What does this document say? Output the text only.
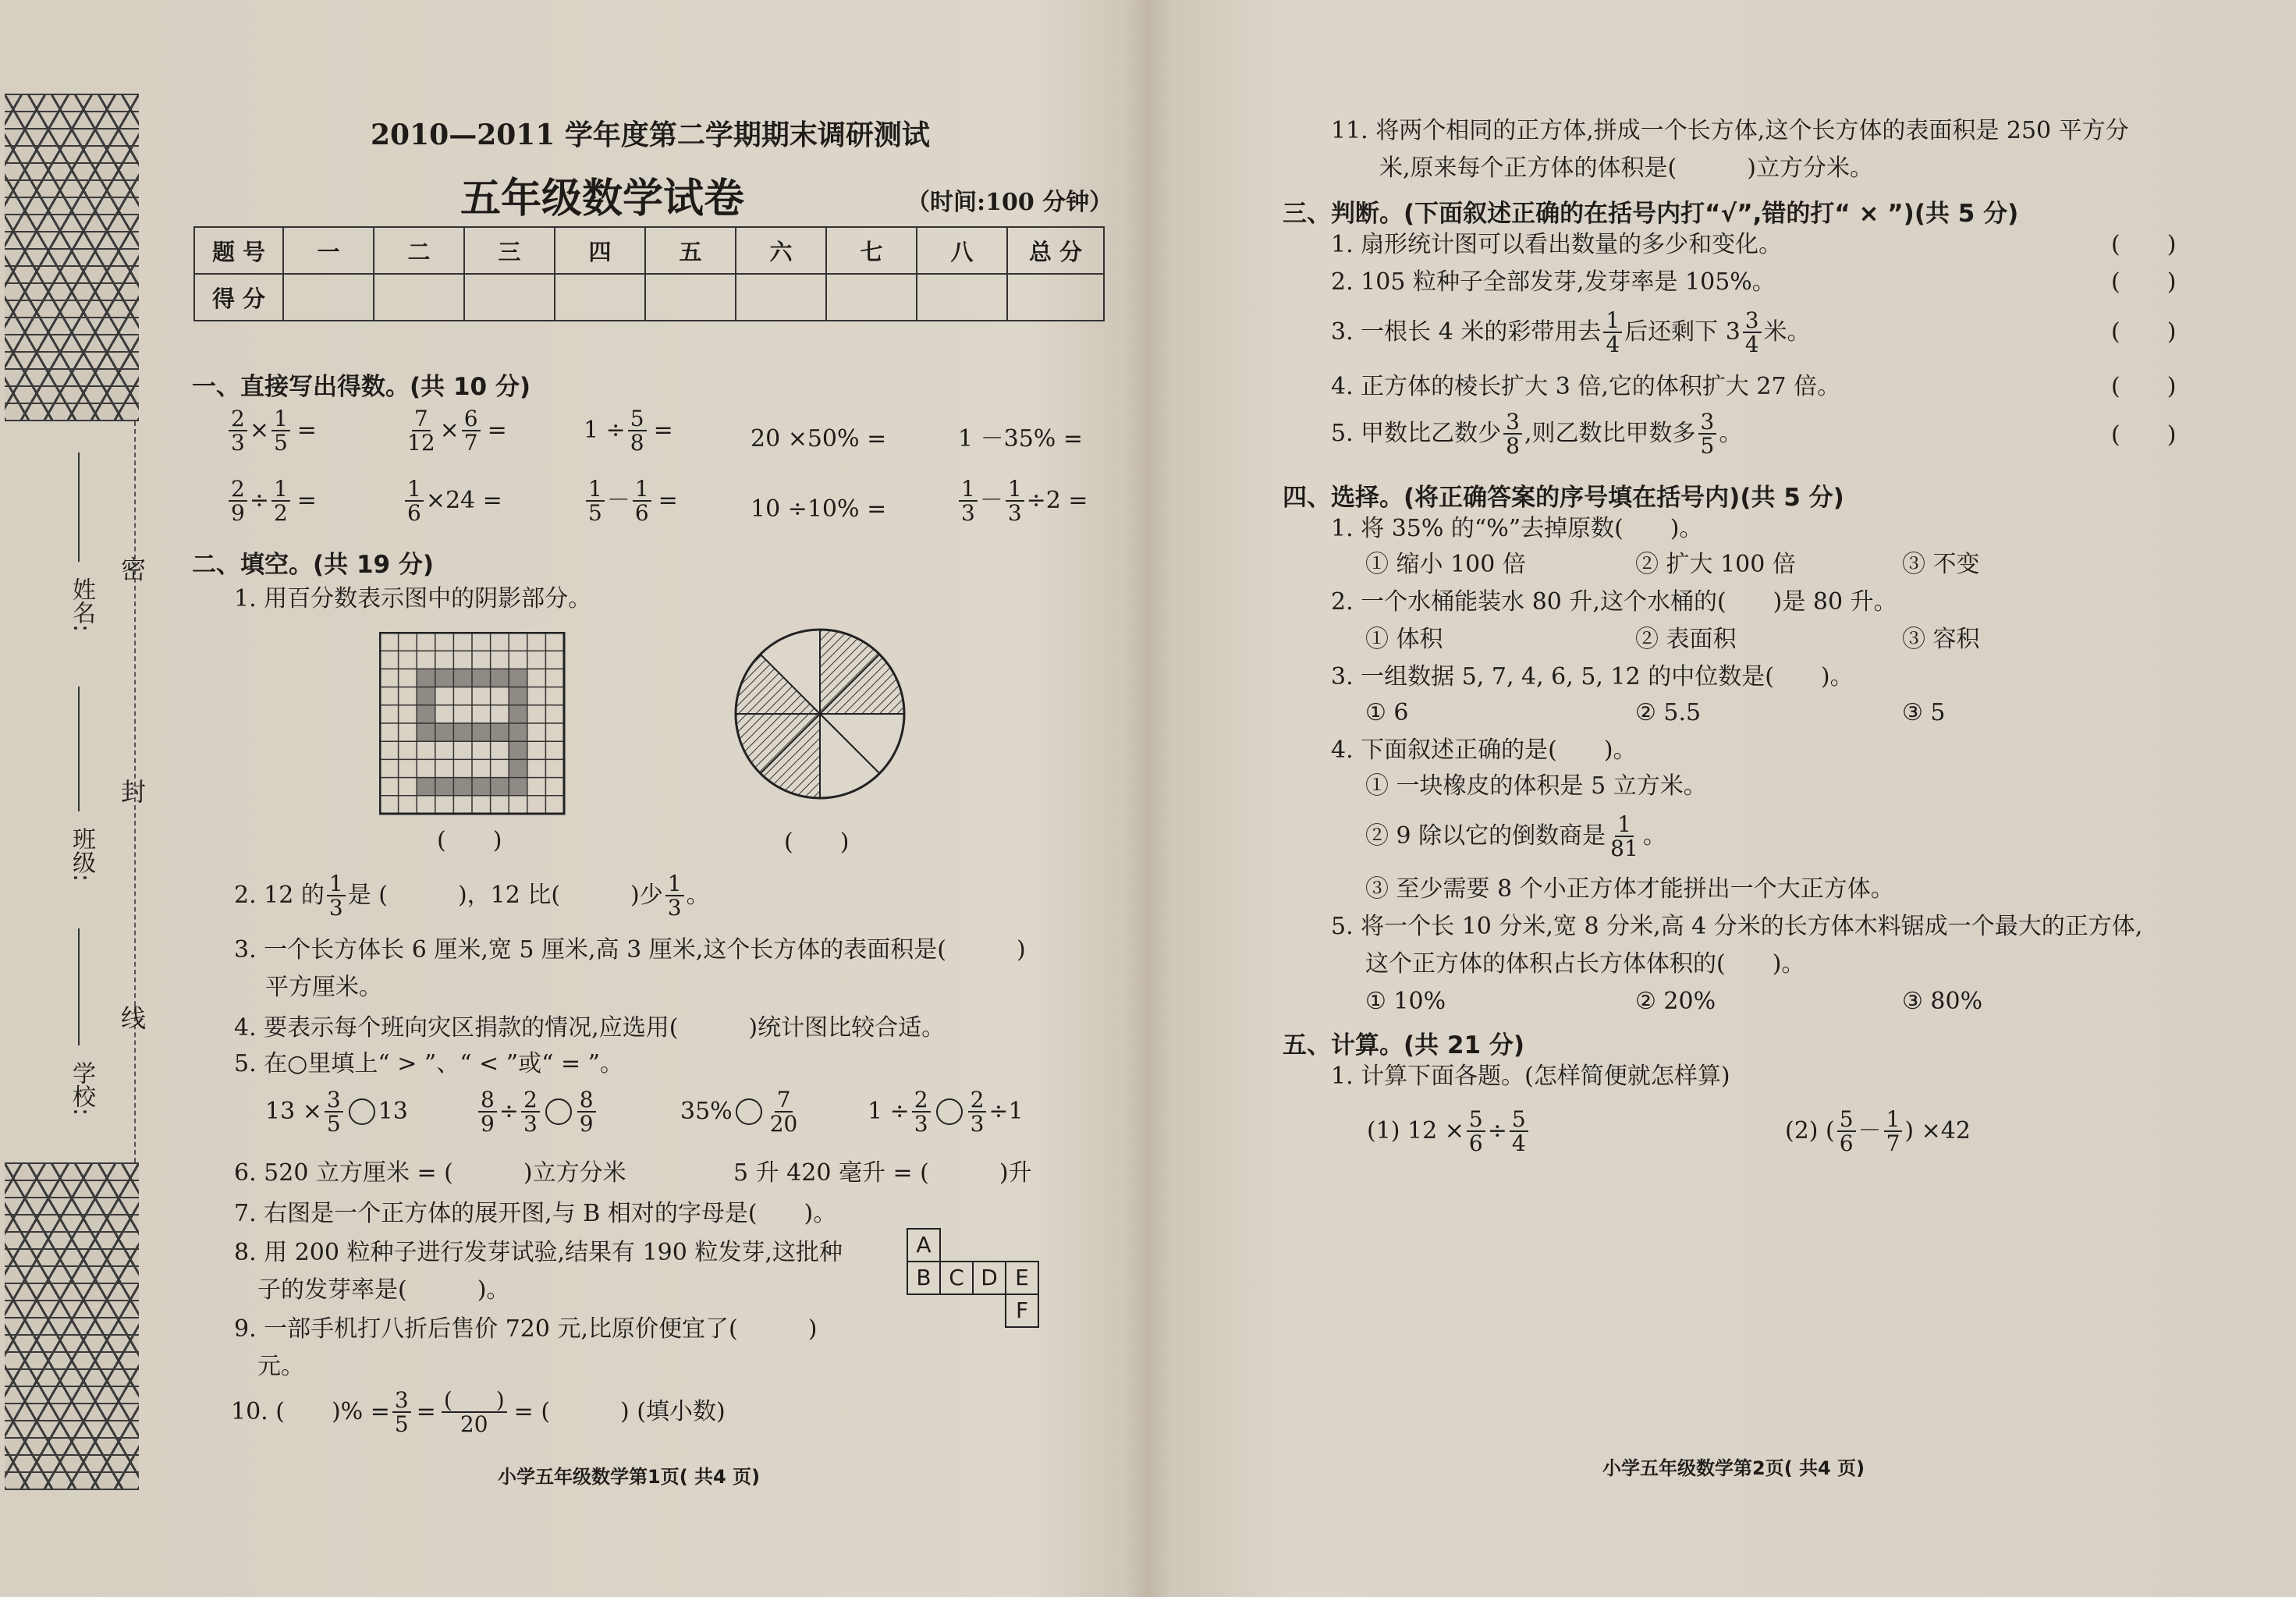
姓名:
班级:
学校:
密
封
线
2010—2011 学年度第二学期期末调研测试
五年级数学试卷	（时间:100 分钟）
题 号	一	二	三	四	五	六	七	八	总 分
得 分									
一、直接写出得数。(共 10 分)
$\frac{2}{3} \times \frac{1}{5}$ =	$\frac{7}{12} \times \frac{6}{7}$ =	$1 \div \frac{5}{8}$ =	20 ×50% =	1 －35% =
$\frac{2}{9} \div \frac{1}{2}$ =	$\frac{1}{6} \times 24$ =	$\frac{1}{5} - \frac{1}{6}$ =	10 ÷10% =	$\frac{1}{3} - \frac{1}{3} \div 2$ =
二、填空。(共 19 分)
1. 用百分数表示图中的阴影部分。
(　　)	(　　)
2. 12 的 $\frac{1}{3}$ 是 (　　　)，12 比(　　　)少 $\frac{1}{3}$ 。
3. 一个长方体长 6 厘米,宽 5 厘米,高 3 厘米,这个长方体的表面积是(　　　)
平方厘米。
4. 要表示每个班向灾区捐款的情况,应选用(　　　)统计图比较合适。
5. 在○里填上“ > ”、“ < ”或“ = ”。
$13 \times \frac{3}{5} 13$	$\frac{8}{9} \div \frac{2}{3} \frac{8}{9}$	$35\% \frac{7}{20}$	$1 \div \frac{2}{3} \frac{2}{3} \div 1$
6. 520 立方厘米 = (　　　)立方分米	5 升 420 毫升 = (　　　)升
7. 右图是一个正方体的展开图,与 B 相对的字母是(　　)。
8. 用 200 粒种子进行发芽试验,结果有 190 粒发芽,这批种
子的发芽率是(　　　)。
9. 一部手机打八折后售价 720 元,比原价便宜了(　　　)
元。
10. (　　)% = $\frac{3}{5} = \frac{( )}{20}$ = (　　　) (填小数)
A
B C D E
F
小学五年级数学第1页( 共4 页)
11. 将两个相同的正方体,拼成一个长方体,这个长方体的表面积是 250 平方分
米,原来每个正方体的体积是(　　　)立方分米。
三、判断。(下面叙述正确的在括号内打“√”,错的打“ × ”)(共 5 分)
1. 扇形统计图可以看出数量的多少和变化。
2. 105 粒种子全部发芽,发芽率是 105%。
3. 一根长 4 米的彩带用去 $\frac{1}{4}$ 后还剩下 $3 \frac{3}{4}$ 米。
4. 正方体的棱长扩大 3 倍,它的体积扩大 27 倍。
5. 甲数比乙数少 $\frac{3}{8}$ ,则乙数比甲数多 $\frac{3}{5}$ 。
(　　)
(　　)
(　　)
(　　)
(　　)
四、选择。(将正确答案的序号填在括号内)(共 5 分)
1. 将 35% 的“%”去掉原数(　　)。
① 缩小 100 倍	② 扩大 100 倍	③ 不变
2. 一个水桶能装水 80 升,这个水桶的(　　)是 80 升。
① 体积	② 表面积	③ 容积
3. 一组数据 5, 7, 4, 6, 5, 12 的中位数是(　　)。
① 6	② 5.5	③ 5
4. 下面叙述正确的是(　　)。
① 一块橡皮的体积是 5 立方米。
② 9 除以它的倒数商是 $\frac{1}{81}$ 。
③ 至少需要 8 个小正方体才能拼出一个大正方体。
5. 将一个长 10 分米,宽 8 分米,高 4 分米的长方体木料锯成一个最大的正方体,
这个正方体的体积占长方体体积的(　　)。
① 10%	② 20%	③ 80%
五、计算。(共 21 分)
1. 计算下面各题。(怎样简便就怎样算)
(1) $12 \times \frac{5}{6} \div \frac{5}{4}$	(2) ( $\frac{5}{6} - \frac{1}{7}$ ) ×42
小学五年级数学第2页( 共4 页)
